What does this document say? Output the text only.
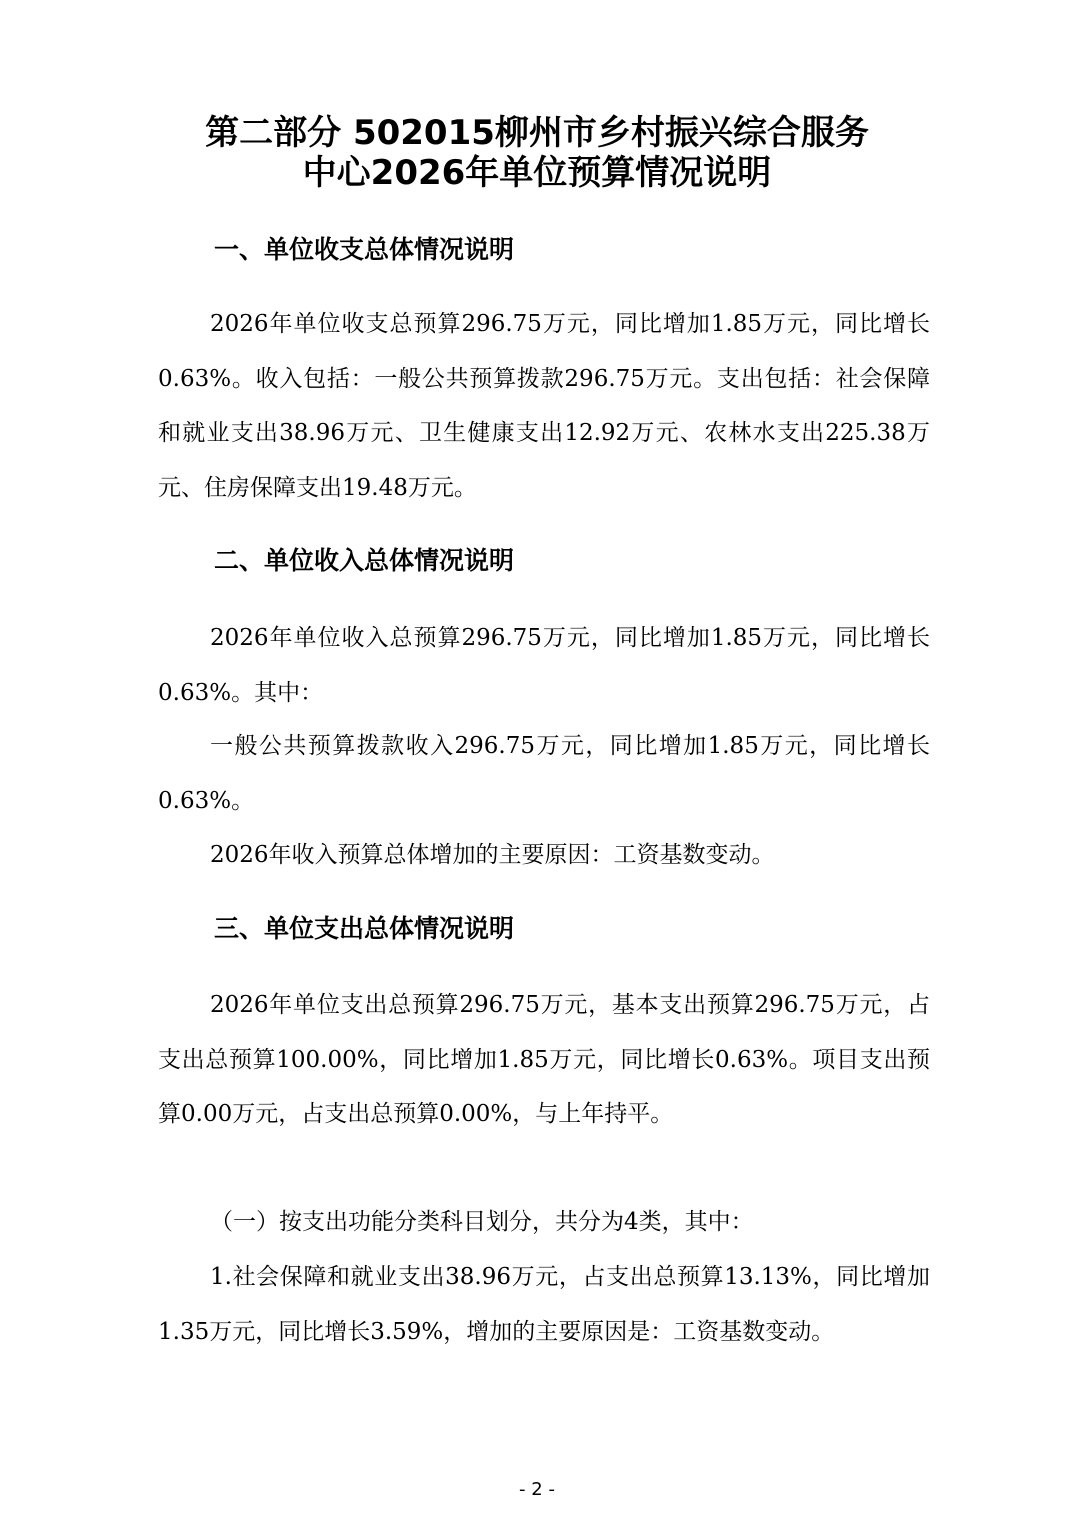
第二部分 502015柳州市乡村振兴综合服务
中心2026年单位预算情况说明
一、单位收支总体情况说明

2026年单位收支总预算296.75万元，同比增加1.85万元，同比增长0.63%。收入包括：一般公共预算拨款296.75万元。支出包括：社会保障和就业支出38.96万元、卫生健康支出12.92万元、农林水支出225.38万元、住房保障支出19.48万元。

二、单位收入总体情况说明

2026年单位收入总预算296.75万元，同比增加1.85万元，同比增长0.63%。其中：

一般公共预算拨款收入296.75万元，同比增加1.85万元，同比增长0.63%。

2026年收入预算总体增加的主要原因：工资基数变动。

三、单位支出总体情况说明

2026年单位支出总预算296.75万元，基本支出预算296.75万元，占支出总预算100.00%，同比增加1.85万元，同比增长0.63%。项目支出预算0.00万元，占支出总预算0.00%，与上年持平。

（一）按支出功能分类科目划分，共分为4类，其中：

1.社会保障和就业支出38.96万元，占支出总预算13.13%，同比增加1.35万元，同比增长3.59%，增加的主要原因是：工资基数变动。

- 2 -
